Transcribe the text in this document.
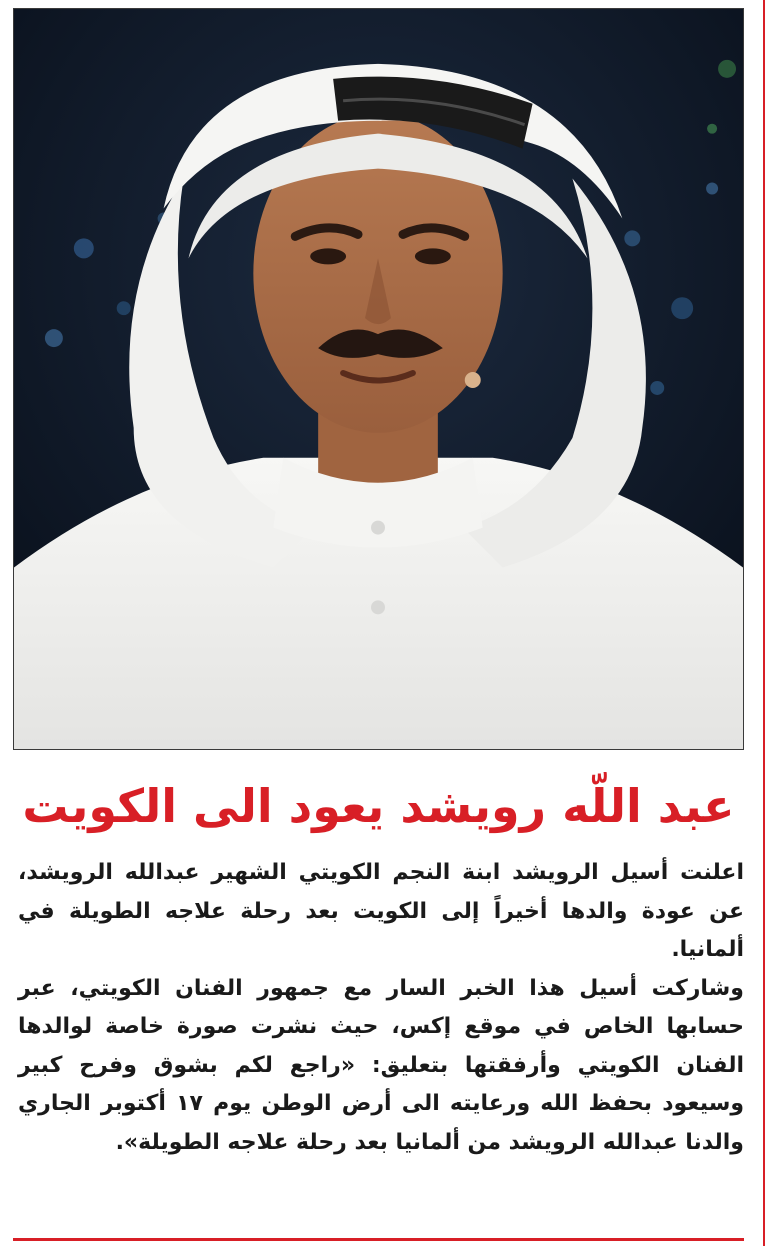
عبد اللّه رويشد يعود الى الكويت

اعلنت أسيل الرويشد ابنة النجم الكويتي الشهير عبدالله الرويشد، عن عودة والدها أخيراً إلى الكويت بعد رحلة علاجه الطويلة في ألمانيا.

وشاركت أسيل هذا الخبر السار مع جمهور الفنان الكويتي، عبر حسابها الخاص في موقع إكس، حيث نشرت صورة خاصة لوالدها الفنان الكويتي وأرفقتها بتعليق: «راجع لكم بشوق وفرح كبير وسيعود بحفظ الله ورعايته الى أرض الوطن يوم ١٧ أكتوبر الجاري والدنا عبدالله الرويشد من ألمانيا بعد رحلة علاجه الطويلة».
